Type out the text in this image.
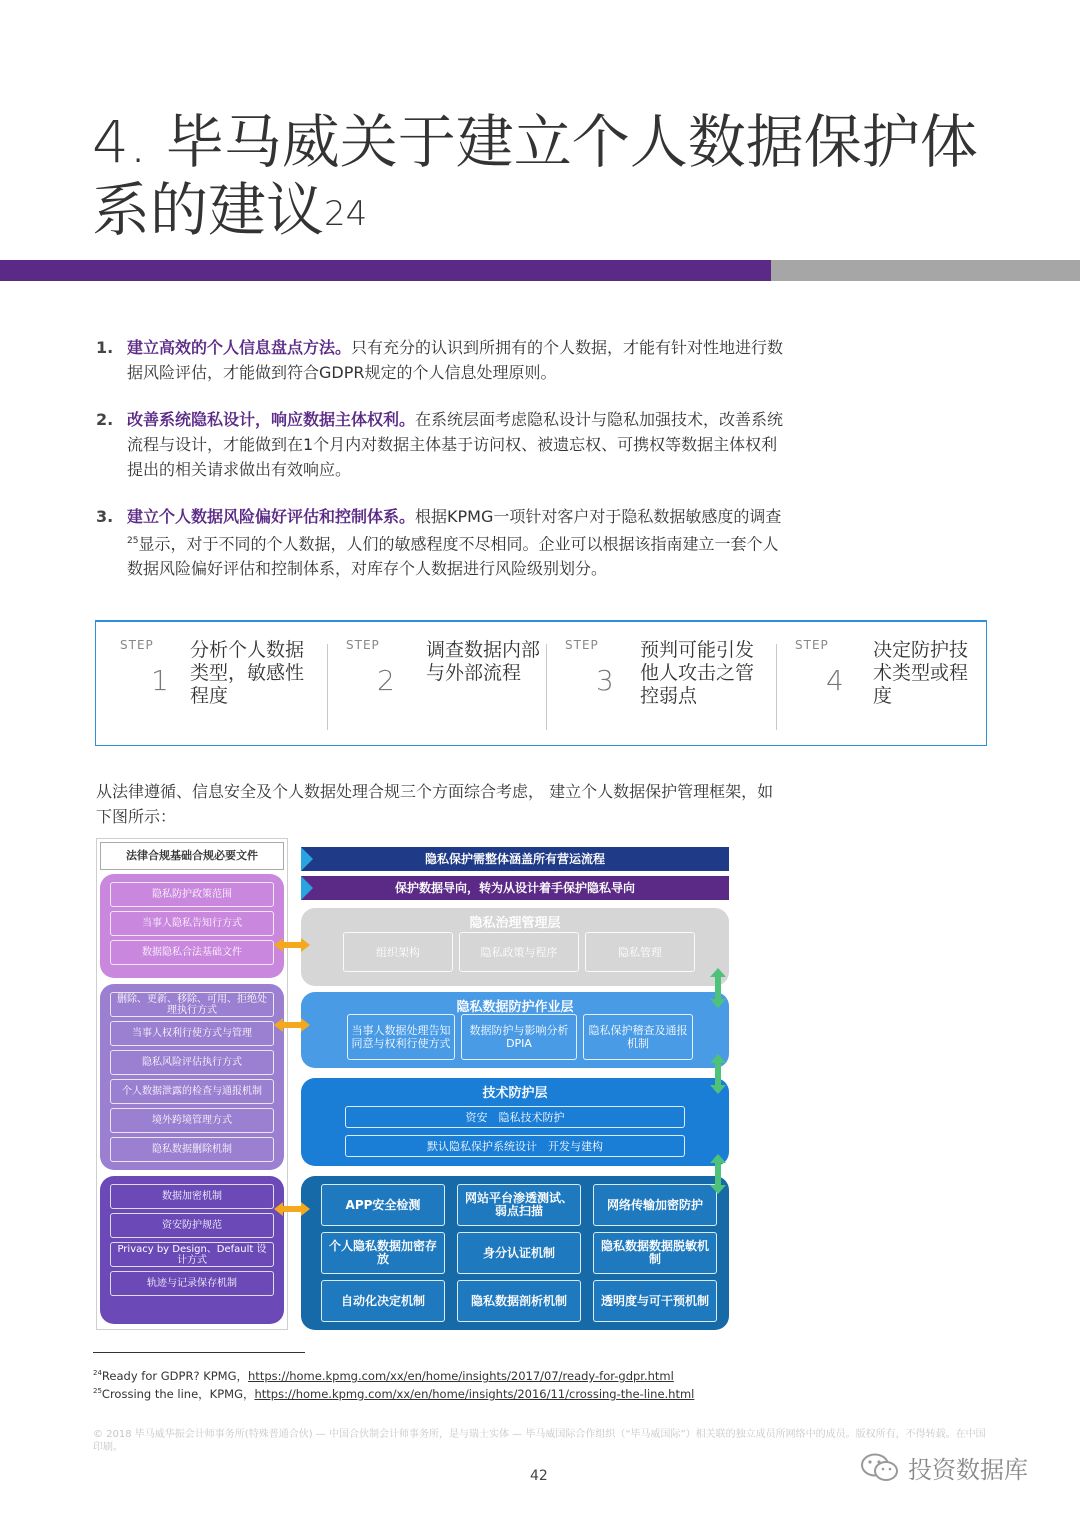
4. 毕马威关于建立个人数据保护体
系的建议$^{24}$
1. 建立高效的个人信息盘点方法。只有充分的认识到所拥有的个人数据，才能有针对性地进行数据风险评估，才能做到符合GDPR规定的个人信息处理原则。
2. 改善系统隐私设计，响应数据主体权利。在系统层面考虑隐私设计与隐私加强技术，改善系统流程与设计，才能做到在1个月内对数据主体基于访问权、被遗忘权、可携权等数据主体权利提出的相关请求做出有效响应。
3. 建立个人数据风险偏好评估和控制体系。根据KPMG一项针对客户对于隐私数据敏感度的调查$^{25}$显示，对于不同的个人数据，人们的敏感程度不尽相同。企业可以根据该指南建立一套个人数据风险偏好评估和控制体系，对库存个人数据进行风险级别划分。
STEP
1
分析个人数据类型，敏感性程度
STEP
2
调查数据内部与外部流程
STEP
3
预判可能引发他人攻击之管控弱点
STEP
4
决定防护技术类型或程度
从法律遵循、信息安全及个人数据处理合规三个方面综合考虑， 建立个人数据保护管理框架，如下图所示：
法律合规基础合规必要文件
隐私防护政策范围
当事人隐私告知行方式
数据隐私合法基础文件
删除、更新、移除、可用、拒绝处理执行方式
当事人权利行使方式与管理
隐私风险评估执行方式
个人数据泄露的检查与通报机制
境外跨境管理方式
隐私数据删除机制
数据加密机制
资安防护规范
Privacy by Design、Default 设计方式
轨迹与记录保存机制
隐私保护需整体涵盖所有营运流程
保护数据导向，转为从设计着手保护隐私导向
隐私治理管理层
组织架构	隐私政策与程序	隐私管理
隐私数据防护作业层
当事人数据处理告知同意与权利行使方式
数据防护与影响分析DPIA
隐私保护稽查及通报机制
技术防护层
资安　隐私技术防护
默认隐私保护系统设计　开发与建构
APP安全检测	网站平台渗透测试、弱点扫描	网络传输加密防护
个人隐私数据加密存放	身分认证机制	隐私数据数据脱敏机制
自动化决定机制	隐私数据剖析机制	透明度与可干预机制
$^{24}$Ready for GDPR? KPMG，https://home.kpmg.com/xx/en/home/insights/2017/07/ready-for-gdpr.html
$^{25}$Crossing the line，KPMG，https://home.kpmg.com/xx/en/home/insights/2016/11/crossing-the-line.html
© 2018 毕马威华振会计师事务所(特殊普通合伙) — 中国合伙制会计师事务所，是与瑞士实体 — 毕马威国际合作组织（“毕马威国际”）相关联的独立成员所网络中的成员。版权所有，不得转载。在中国印刷。
42	投资数据库
